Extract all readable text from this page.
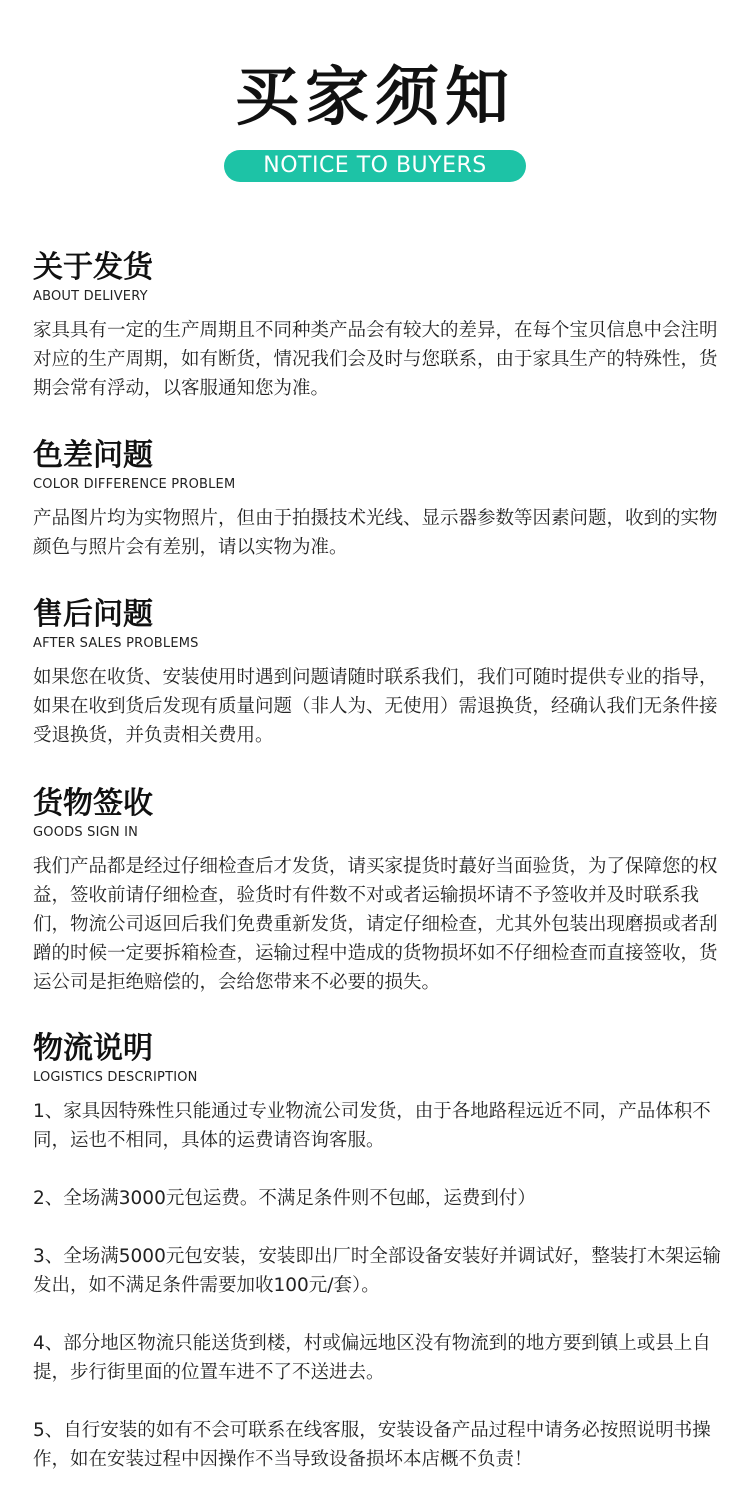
买家须知
NOTICE TO BUYERS
关于发货
ABOUT DELIVERY

家具具有一定的生产周期且不同种类产品会有较大的差异，在每个宝贝信息中会注明对应的生产周期，如有断货，情况我们会及时与您联系，由于家具生产的特殊性，货期会常有浮动，以客服通知您为准。

色差问题
COLOR DIFFERENCE PROBLEM

产品图片均为实物照片，但由于拍摄技术光线、显示器参数等因素问题，收到的实物颜色与照片会有差别，请以实物为准。

售后问题
AFTER SALES PROBLEMS

如果您在收货、安装使用时遇到问题请随时联系我们，我们可随时提供专业的指导，如果在收到货后发现有质量问题（非人为、无使用）需退换货，经确认我们无条件接受退换货，并负责相关费用。

货物签收
GOODS SIGN IN

我们产品都是经过仔细检查后才发货，请买家提货时蕞好当面验货，为了保障您的权益，签收前请仔细检查，验货时有件数不对或者运输损坏请不予签收并及时联系我们，物流公司返回后我们免费重新发货，请定仔细检查，尤其外包装出现磨损或者刮蹭的时候一定要拆箱检查，运输过程中造成的货物损坏如不仔细检查而直接签收，货运公司是拒绝赔偿的，会给您带来不必要的损失。

物流说明
LOGISTICS DESCRIPTION

1、家具因特殊性只能通过专业物流公司发货，由于各地路程远近不同，产品体积不同，运也不相同，具体的运费请咨询客服。

2、全场满3000元包运费。不满足条件则不包邮，运费到付）

3、全场满5000元包安装，安装即出厂时全部设备安装好并调试好，整装打木架运输发出，如不满足条件需要加收100元/套）。

4、部分地区物流只能送货到楼，村或偏远地区没有物流到的地方要到镇上或县上自提，步行街里面的位置车进不了不送进去。

5、自行安装的如有不会可联系在线客服，安装设备产品过程中请务必按照说明书操作，如在安装过程中因操作不当导致设备损坏本店概不负责！
